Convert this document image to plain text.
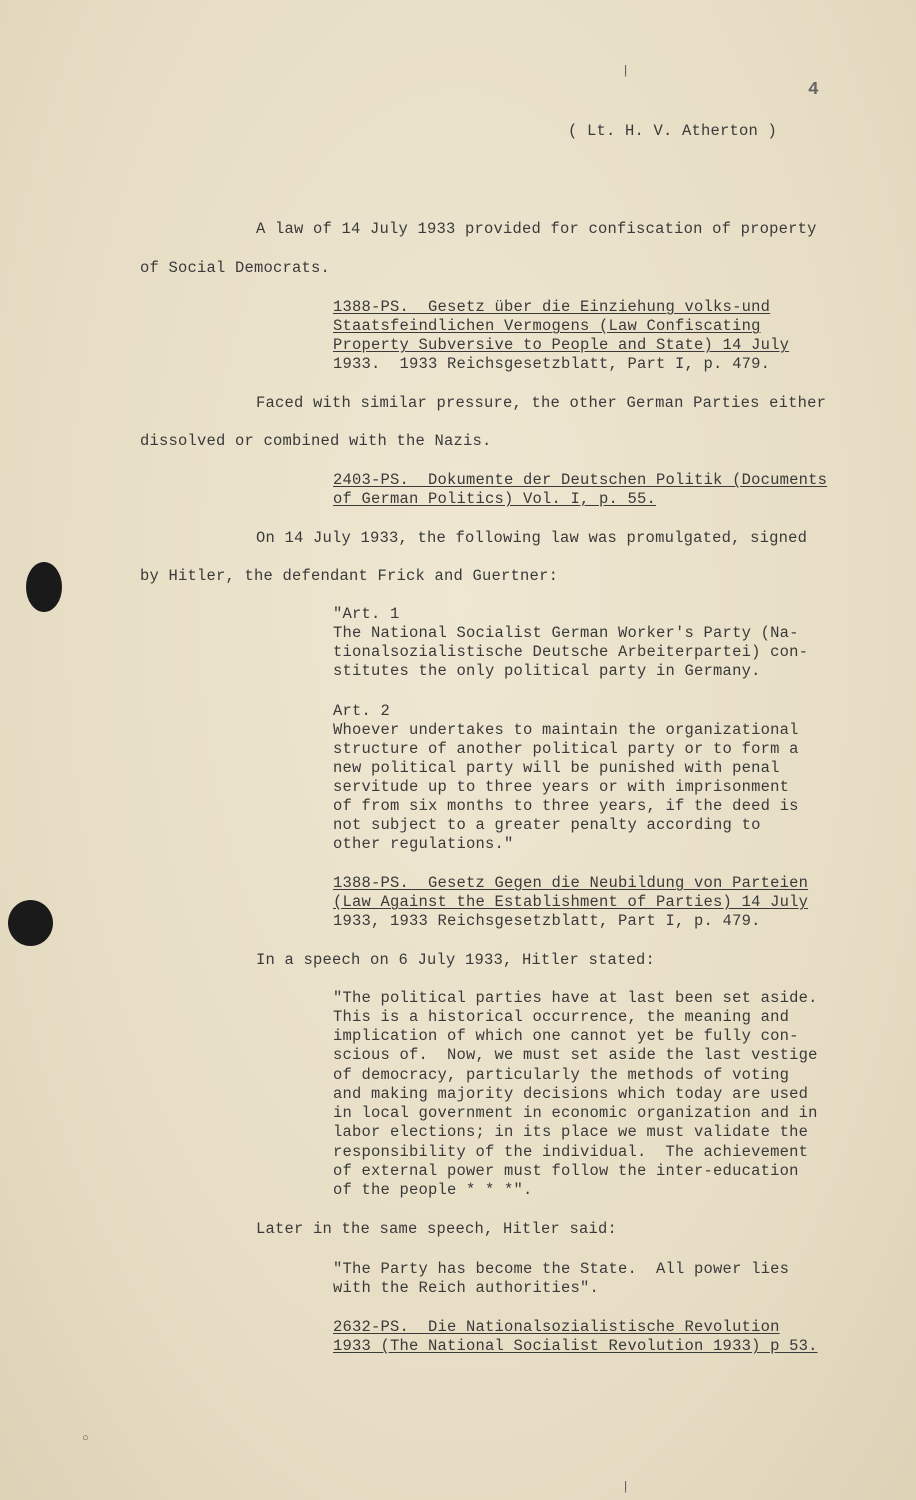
4
( Lt. H. V. Atherton )
A law of 14 July 1933 provided for confiscation of property
of Social Democrats.
1388-PS.  Gesetz über die Einziehung volks-und
Staatsfeindlichen Vermogens (Law Confiscating
Property Subversive to People and State) 14 July
1933.  1933 Reichsgesetzblatt, Part I, p. 479.
Faced with similar pressure, the other German Parties either
dissolved or combined with the Nazis.
2403-PS.  Dokumente der Deutschen Politik (Documents
of German Politics) Vol. I, p. 55.
On 14 July 1933, the following law was promulgated, signed
by Hitler, the defendant Frick and Guertner:
"Art. 1
The National Socialist German Worker's Party (Na-
tionalsozialistische Deutsche Arbeiterpartei) con-
stitutes the only political party in Germany.
Art. 2
Whoever undertakes to maintain the organizational
structure of another political party or to form a
new political party will be punished with penal
servitude up to three years or with imprisonment
of from six months to three years, if the deed is
not subject to a greater penalty according to
other regulations."
1388-PS.  Gesetz Gegen die Neubildung von Parteien
(Law Against the Establishment of Parties) 14 July
1933, 1933 Reichsgesetzblatt, Part I, p. 479.
In a speech on 6 July 1933, Hitler stated:
"The political parties have at last been set aside.
This is a historical occurrence, the meaning and
implication of which one cannot yet be fully con-
scious of.  Now, we must set aside the last vestige
of democracy, particularly the methods of voting
and making majority decisions which today are used
in local government in economic organization and in
labor elections; in its place we must validate the
responsibility of the individual.  The achievement
of external power must follow the inter-education
of the people * * *".
Later in the same speech, Hitler said:
"The Party has become the State.  All power lies
with the Reich authorities".
2632-PS.  Die Nationalsozialistische Revolution
1933 (The National Socialist Revolution 1933) p 53.
○
|
|
